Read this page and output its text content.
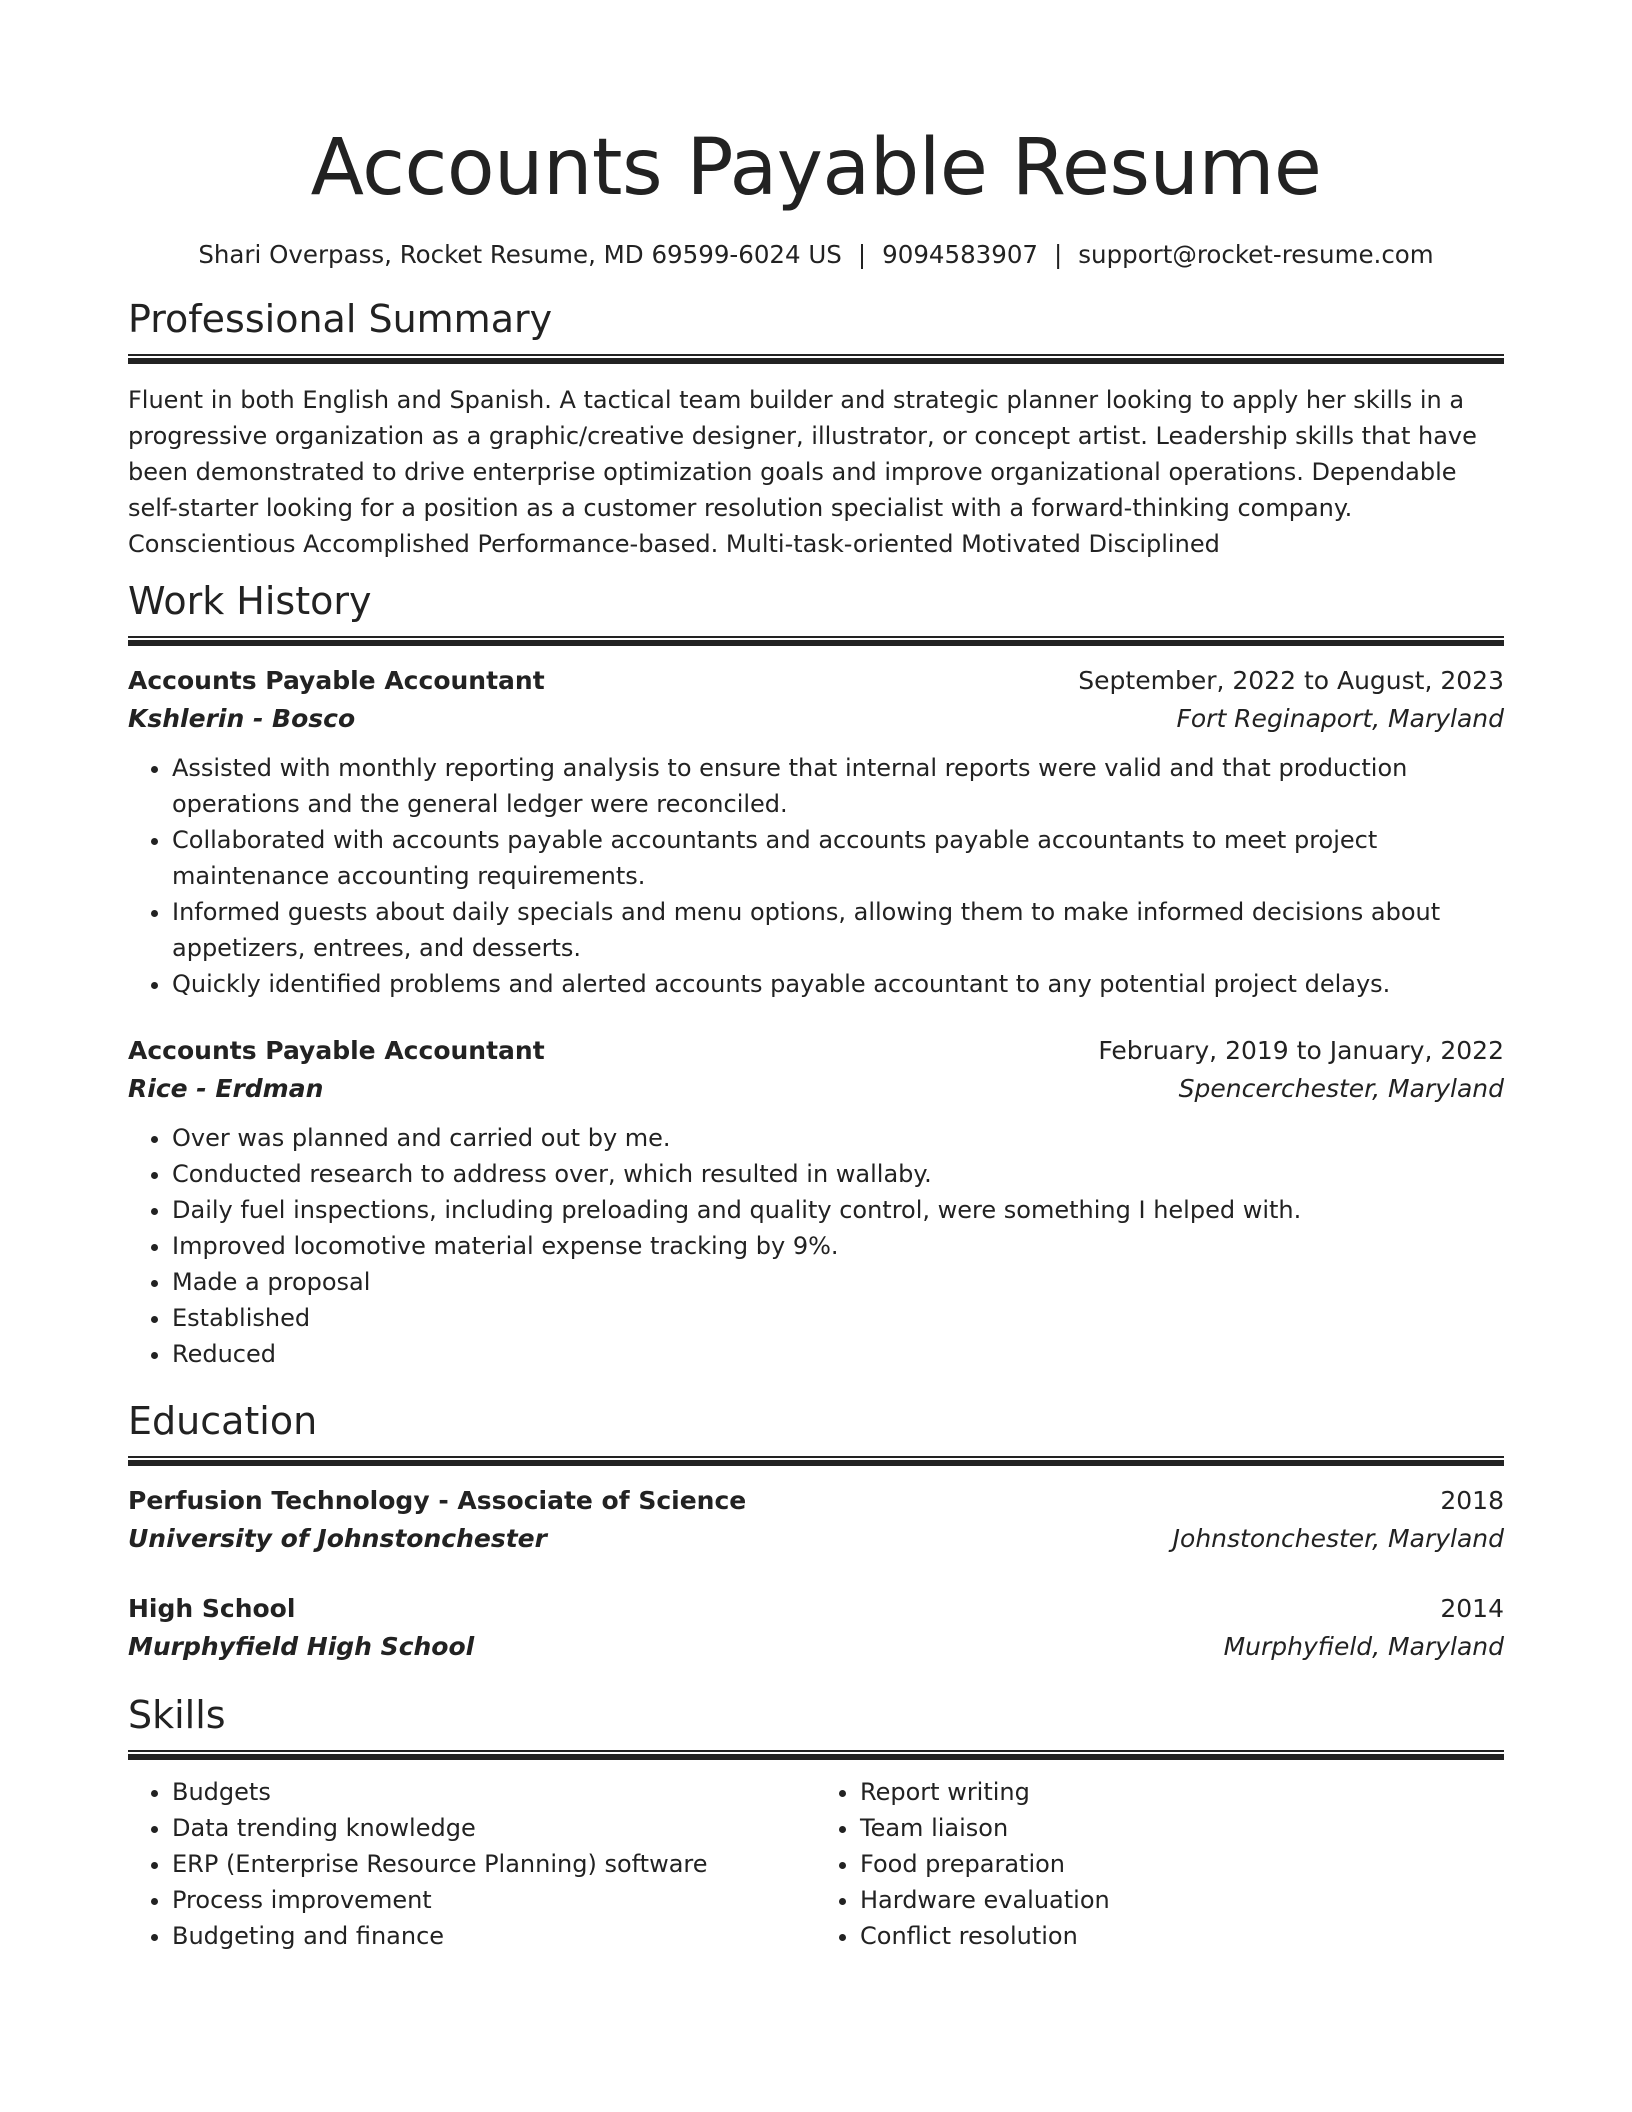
Accounts Payable Resume
Shari Overpass, Rocket Resume, MD 69599-6024 US | 9094583907 | support@rocket-resume.com
Professional Summary

Fluent in both English and Spanish. A tactical team builder and strategic planner looking to apply her skills in a progressive organization as a graphic/creative designer, illustrator, or concept artist. Leadership skills that have been demonstrated to drive enterprise optimization goals and improve organizational operations. Dependable self-starter looking for a position as a customer resolution specialist with a forward-thinking company. Conscientious Accomplished Performance-based. Multi-task-oriented Motivated Disciplined

Work History
Accounts Payable Accountant	September, 2022 to August, 2023
Kshlerin - Bosco	Fort Reginaport, Maryland
• Assisted with monthly reporting analysis to ensure that internal reports were valid and that production operations and the general ledger were reconciled.
• Collaborated with accounts payable accountants and accounts payable accountants to meet project maintenance accounting requirements.
• Informed guests about daily specials and menu options, allowing them to make informed decisions about appetizers, entrees, and desserts.
• Quickly identified problems and alerted accounts payable accountant to any potential project delays.
Accounts Payable Accountant	February, 2019 to January, 2022
Rice - Erdman	Spencerchester, Maryland
• Over was planned and carried out by me.
• Conducted research to address over, which resulted in wallaby.
• Daily fuel inspections, including preloading and quality control, were something I helped with.
• Improved locomotive material expense tracking by 9%.
• Made a proposal
• Established
• Reduced
Education
Perfusion Technology - Associate of Science	2018
University of Johnstonchester	Johnstonchester, Maryland
High School	2014
Murphyfield High School	Murphyfield, Maryland
Skills
• Budgets
• Data trending knowledge
• ERP (Enterprise Resource Planning) software
• Process improvement
• Budgeting and finance
• Report writing
• Team liaison
• Food preparation
• Hardware evaluation
• Conflict resolution
